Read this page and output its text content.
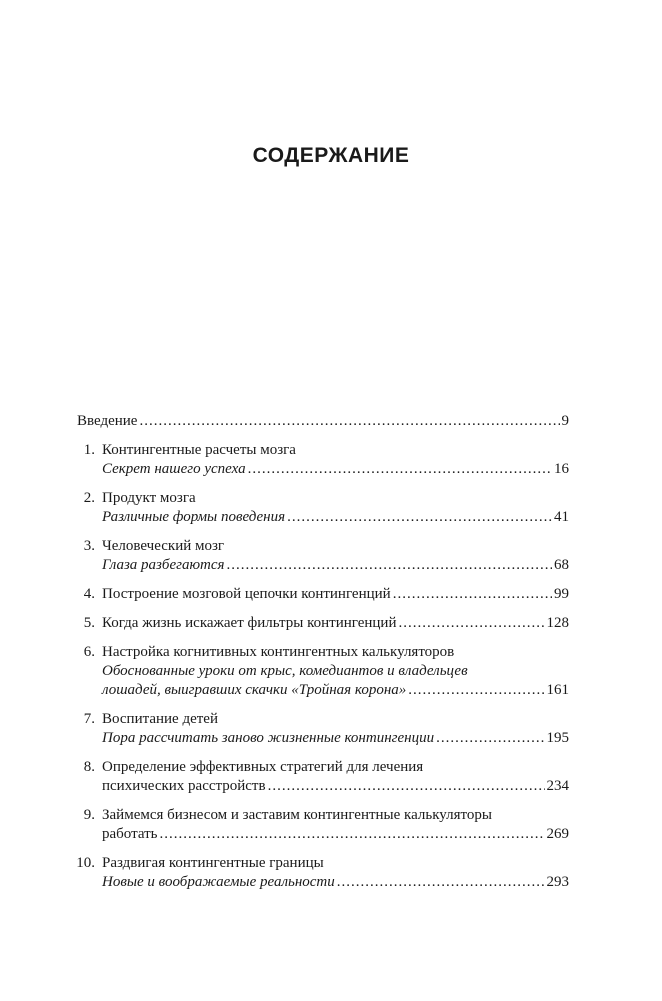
СОДЕРЖАНИЕ
Введение .....	9
1. Контингентные расчеты мозга
Секрет нашего успеха .....	16
2. Продукт мозга
Различные формы поведения .....	41
3. Человеческий мозг
Глаза разбегаются .....	68
4. Построение мозговой цепочки контингенций .....	99
5. Когда жизнь искажает фильтры контингенций .....	128
6. Настройка когнитивных контингентных калькуляторов
Обоснованные уроки от крыс, комедиантов и владельцев
лошадей, выигравших скачки «Тройная корона» .....	161
7. Воспитание детей
Пора рассчитать заново жизненные контингенции .....	195
8. Определение эффективных стратегий для лечения
психических расстройств .....	234
9. Займемся бизнесом и заставим контингентные калькуляторы
работать .....	269
10. Раздвигая контингентные границы
Новые и воображаемые реальности .....	293
